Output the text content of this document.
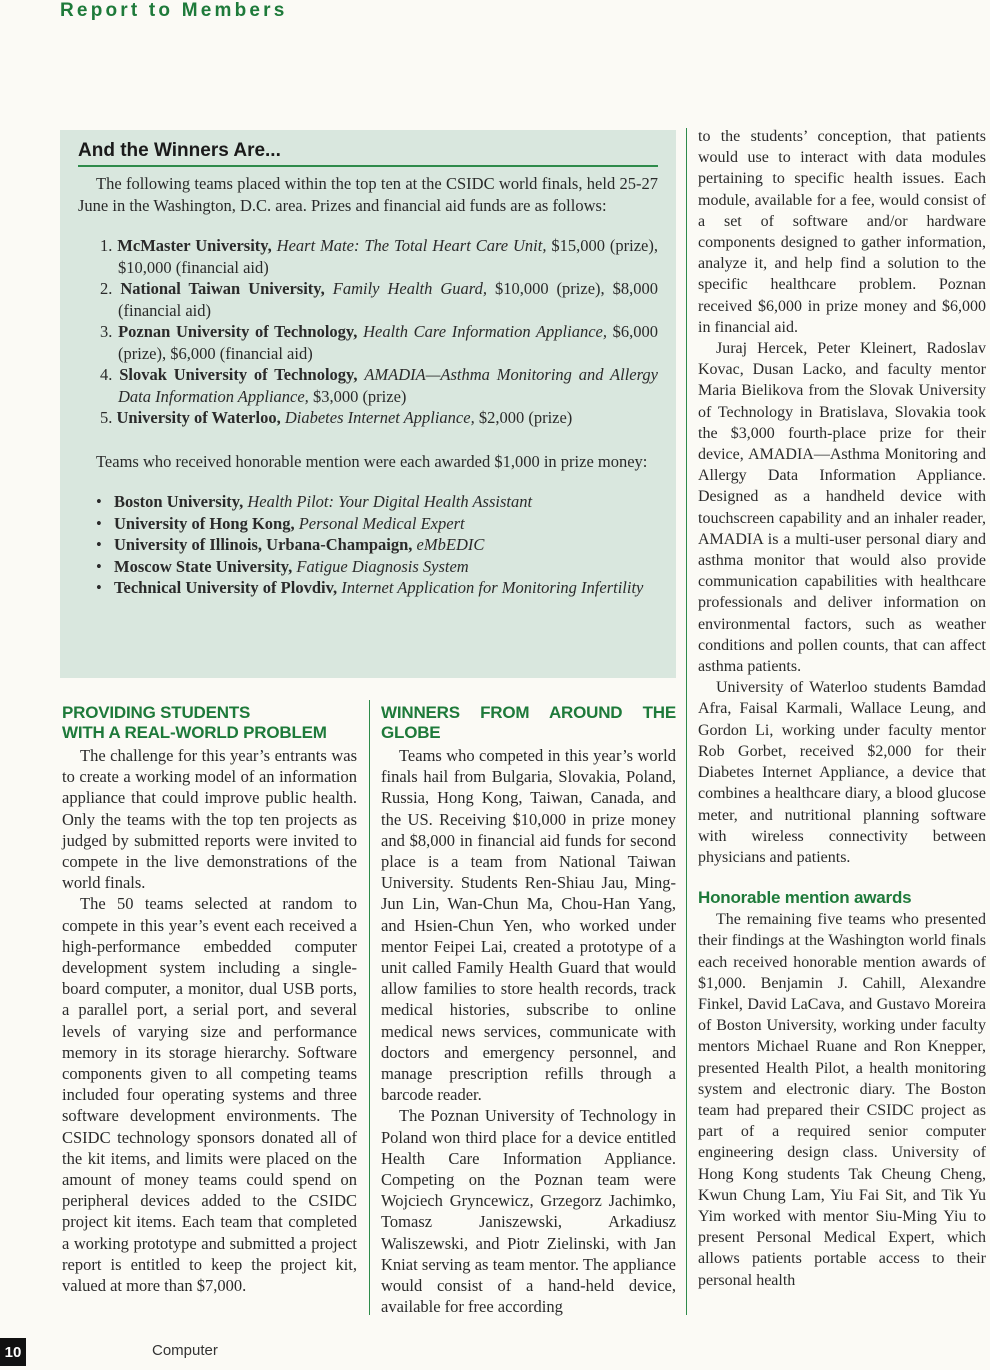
Report to Members
And the Winners Are...

The following teams placed within the top ten at the CSIDC world finals, held 25-27 June in the Washington, D.C. area. Prizes and financial aid funds are as follows:

1. McMaster University, Heart Mate: The Total Heart Care Unit, $15,000 (prize), $10,000 (financial aid)
2. National Taiwan University, Family Health Guard, $10,000 (prize), $8,000 (financial aid)
3. Poznan University of Technology, Health Care Information Appliance, $6,000 (prize), $6,000 (financial aid)
4. Slovak University of Technology, AMADIA—Asthma Monitoring and Allergy Data Information Appliance, $3,000 (prize)
5. University of Waterloo, Diabetes Internet Appliance, $2,000 (prize)

Teams who received honorable mention were each awarded $1,000 in prize money:

• Boston University, Health Pilot: Your Digital Health Assistant
• University of Hong Kong, Personal Medical Expert
• University of Illinois, Urbana-Champaign, eMbEDIC
• Moscow State University, Fatigue Diagnosis System
• Technical University of Plovdiv, Internet Application for Monitoring Infertility
PROVIDING STUDENTS
WITH A REAL-WORLD PROBLEM

The challenge for this year’s entrants was to create a working model of an information appliance that could improve public health. Only the teams with the top ten projects as judged by submitted reports were invited to compete in the live demonstrations of the world finals.

The 50 teams selected at random to compete in this year’s event each received a high-performance embedded computer development system including a single-board computer, a monitor, dual USB ports, a parallel port, a serial port, and several levels of varying size and performance memory in its storage hierarchy. Software components given to all competing teams included four operating systems and three software development environments. The CSIDC technology sponsors donated all of the kit items, and limits were placed on the amount of money teams could spend on peripheral devices added to the CSIDC project kit items. Each team that completed a working prototype and submitted a project report is entitled to keep the project kit, valued at more than $7,000.

WINNERS FROM AROUND THE GLOBE

Teams who competed in this year’s world finals hail from Bulgaria, Slovakia, Poland, Russia, Hong Kong, Taiwan, Canada, and the US. Receiving $10,000 in prize money and $8,000 in financial aid funds for second place is a team from National Taiwan University. Students Ren-Shiau Jau, Ming-Jun Lin, Wan-Chun Ma, Chou-Han Yang, and Hsien-Chun Yen, who worked under mentor Feipei Lai, created a prototype of a unit called Family Health Guard that would allow families to store health records, track medical histories, subscribe to online medical news services, communicate with doctors and emergency personnel, and manage prescription refills through a barcode reader.

The Poznan University of Technology in Poland won third place for a device entitled Health Care Information Appliance. Competing on the Poznan team were Wojciech Gryncewicz, Grzegorz Jachimko, Tomasz Janiszewski, Arkadiusz Waliszewski, and Piotr Zielinski, with Jan Kniat serving as team mentor. The appliance would consist of a hand-held device, available for free according

to the students’ conception, that patients would use to interact with data modules pertaining to specific health issues. Each module, available for a fee, would consist of a set of software and/or hardware components designed to gather information, analyze it, and help find a solution to the specific healthcare problem. Poznan received $6,000 in prize money and $6,000 in financial aid.

Juraj Hercek, Peter Kleinert, Radoslav Kovac, Dusan Lacko, and faculty mentor Maria Bielikova from the Slovak University of Technology in Bratislava, Slovakia took the $3,000 fourth-place prize for their device, AMADIA—Asthma Monitoring and Allergy Data Information Appliance. Designed as a handheld device with touchscreen capability and an inhaler reader, AMADIA is a multi-user personal diary and asthma monitor that would also provide communication capabilities with healthcare professionals and deliver information on environmental factors, such as weather conditions and pollen counts, that can affect asthma patients.

University of Waterloo students Bamdad Afra, Faisal Karmali, Wallace Leung, and Gordon Li, working under faculty mentor Rob Gorbet, received $2,000 for their Diabetes Internet Appliance, a device that combines a healthcare diary, a blood glucose meter, and nutritional planning software with wireless connectivity between physicians and patients.

Honorable mention awards

The remaining five teams who presented their findings at the Washington world finals each received honorable mention awards of $1,000. Benjamin J. Cahill, Alexandre Finkel, David LaCava, and Gustavo Moreira of Boston University, working under faculty mentors Michael Ruane and Ron Knepper, presented Health Pilot, a health monitoring system and electronic diary. The Boston team had prepared their CSIDC project as part of a required senior computer engineering design class. University of Hong Kong students Tak Cheung Cheng, Kwun Chung Lam, Yiu Fai Sit, and Tik Yu Yim worked with mentor Siu-Ming Yiu to present Personal Medical Expert, which allows patients portable access to their personal health

10	Computer
